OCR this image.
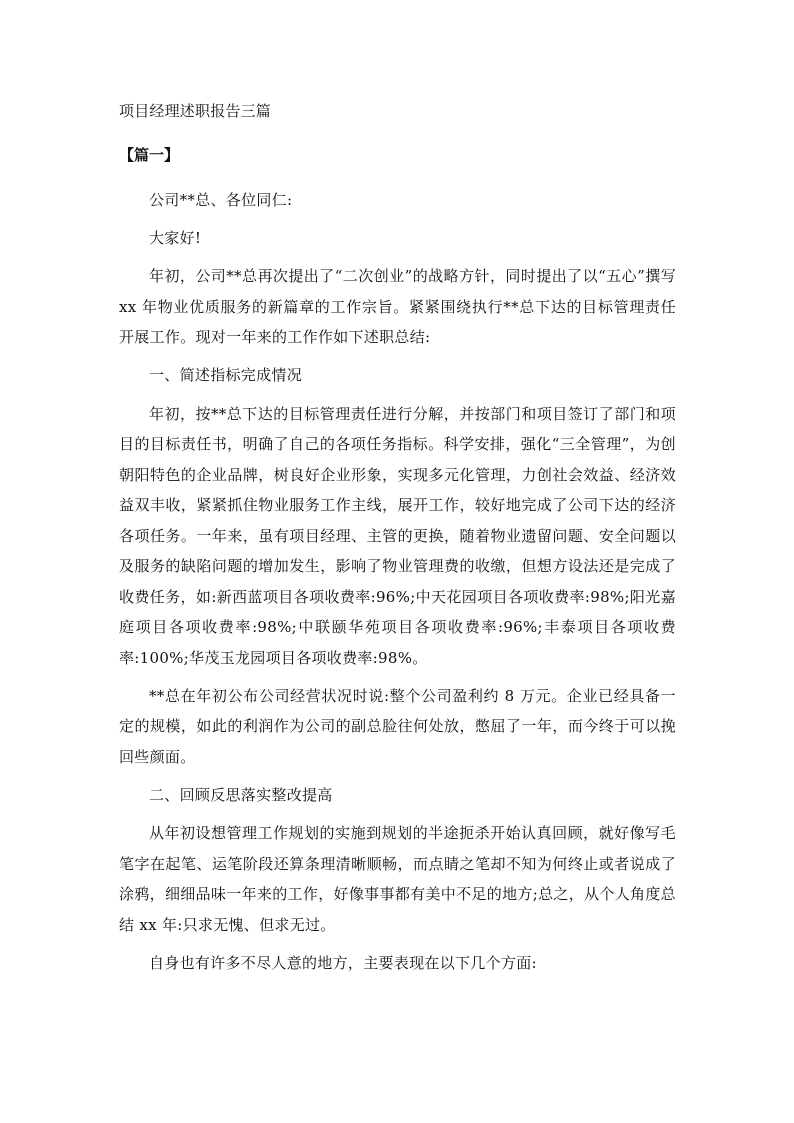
项目经理述职报告三篇
【篇一】

公司**总、各位同仁:

大家好!

年初，公司**总再次提出了“二次创业”的战略方针，同时提出了以“五心”撰写 xx 年物业优质服务的新篇章的工作宗旨。紧紧围绕执行**总下达的目标管理责任开展工作。现对一年来的工作作如下述职总结:

一、简述指标完成情况

年初，按**总下达的目标管理责任进行分解，并按部门和项目签订了部门和项目的目标责任书，明确了自己的各项任务指标。科学安排，强化“三全管理”，为创朝阳特色的企业品牌，树良好企业形象，实现多元化管理，力创社会效益、经济效益双丰收，紧紧抓住物业服务工作主线，展开工作，较好地完成了公司下达的经济各项任务。一年来，虽有项目经理、主管的更换，随着物业遗留问题、安全问题以及服务的缺陷问题的增加发生，影响了物业管理费的收缴，但想方设法还是完成了收费任务，如:新西蓝项目各项收费率:96%;中天花园项目各项收费率:98%;阳光嘉庭项目各项收费率:98%;中联颐华苑项目各项收费率:96%;丰泰项目各项收费率:100%;华茂玉龙园项目各项收费率:98%。

**总在年初公布公司经营状况时说:整个公司盈利约 8 万元。企业已经具备一定的规模，如此的利润作为公司的副总脸往何处放，憋屈了一年，而今终于可以挽回些颜面。

二、回顾反思落实整改提高

从年初设想管理工作规划的实施到规划的半途扼杀开始认真回顾，就好像写毛笔字在起笔、运笔阶段还算条理清晰顺畅，而点睛之笔却不知为何终止或者说成了涂鸦，细细品味一年来的工作，好像事事都有美中不足的地方;总之，从个人角度总结 xx 年:只求无愧、但求无过。

自身也有许多不尽人意的地方，主要表现在以下几个方面:
